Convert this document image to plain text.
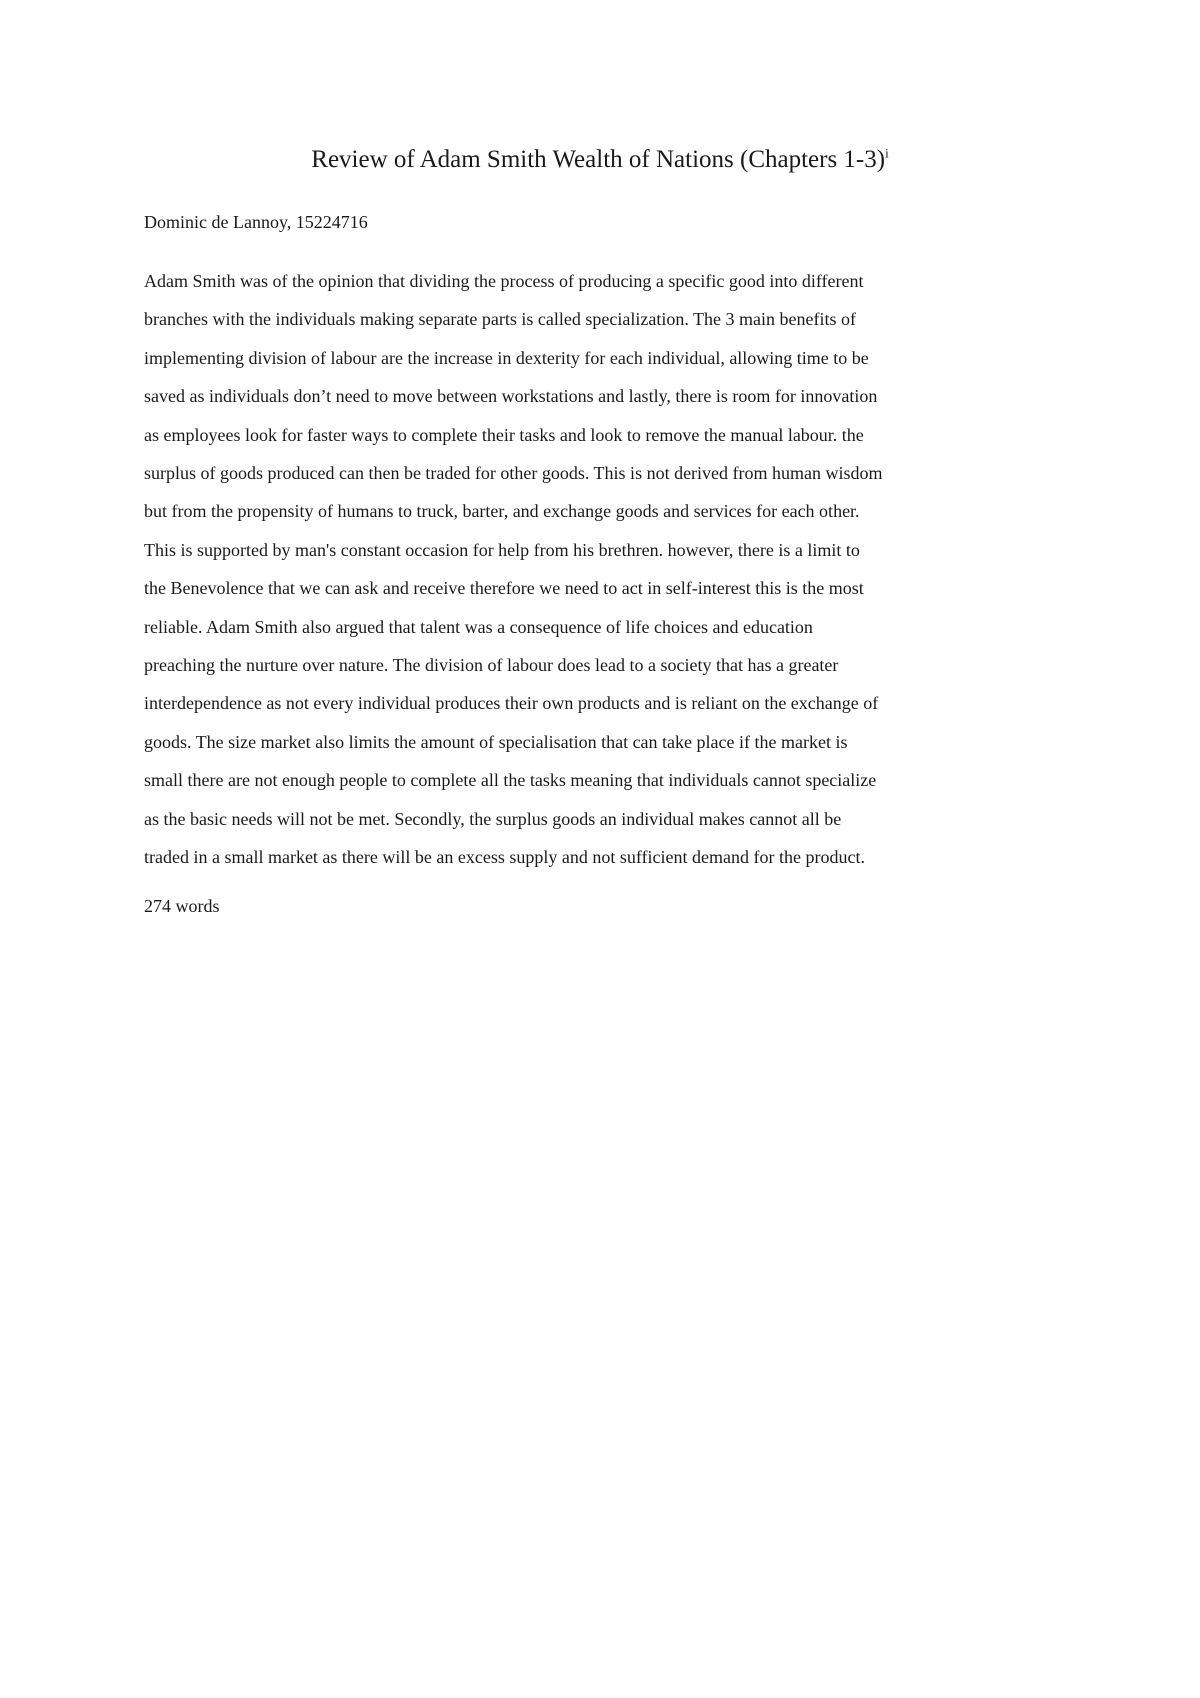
Review of Adam Smith Wealth of Nations (Chapters 1-3)$^i$

Dominic de Lannoy, 15224716

Adam Smith was of the opinion that dividing the process of producing a specific good into different
branches with the individuals making separate parts is called specialization. The 3 main benefits of
implementing division of labour are the increase in dexterity for each individual, allowing time to be
saved as individuals don’t need to move between workstations and lastly, there is room for innovation
as employees look for faster ways to complete their tasks and look to remove the manual labour. the
surplus of goods produced can then be traded for other goods. This is not derived from human wisdom
but from the propensity of humans to truck, barter, and exchange goods and services for each other.
This is supported by man's constant occasion for help from his brethren. however, there is a limit to
the Benevolence that we can ask and receive therefore we need to act in self-interest this is the most
reliable. Adam Smith also argued that talent was a consequence of life choices and education
preaching the nurture over nature. The division of labour does lead to a society that has a greater
interdependence as not every individual produces their own products and is reliant on the exchange of
goods. The size market also limits the amount of specialisation that can take place if the market is
small there are not enough people to complete all the tasks meaning that individuals cannot specialize
as the basic needs will not be met. Secondly, the surplus goods an individual makes cannot all be
traded in a small market as there will be an excess supply and not sufficient demand for the product.

274 words
